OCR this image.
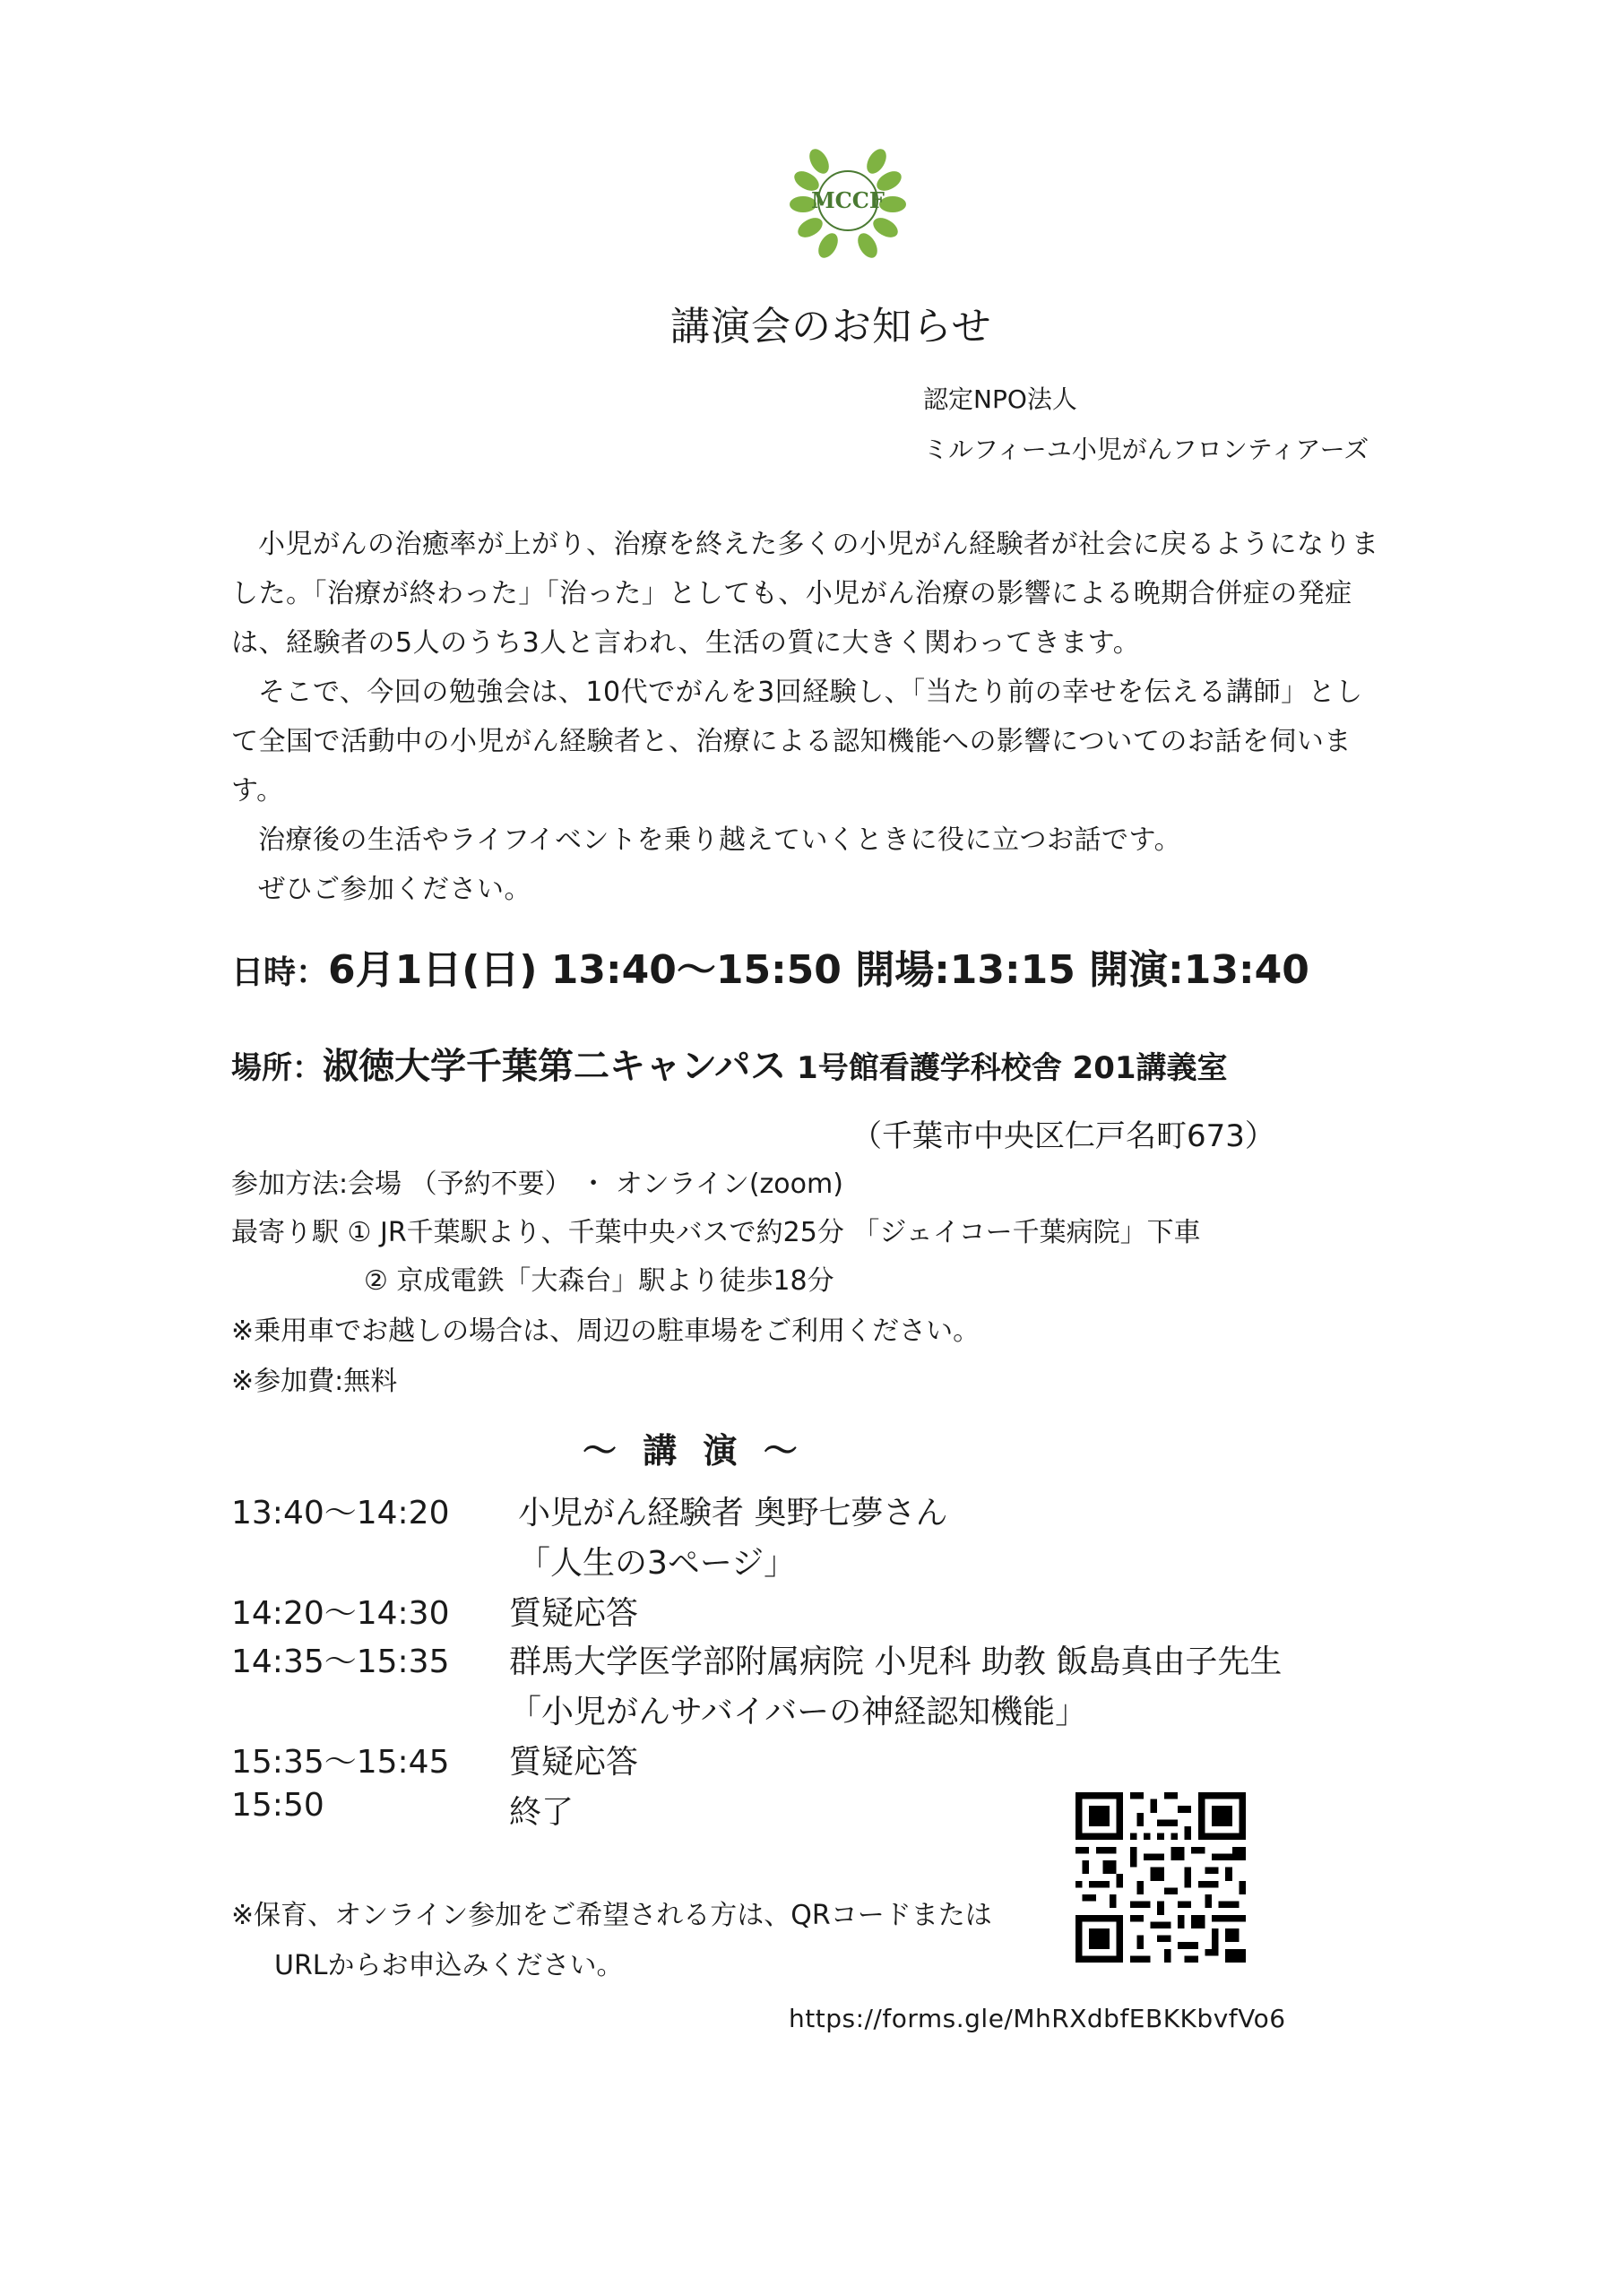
MCCF
講演会のお知らせ
認定NPO法人
ミルフィーユ小児がんフロンティアーズ

小児がんの治癒率が上がり、治療を終えた多くの小児がん経験者が社会に戻るようになりました。「治療が終わった」「治った」としても、小児がん治療の影響による晩期合併症の発症は、経験者の5人のうち3人と言われ、生活の質に大きく関わってきます。

そこで、今回の勉強会は、10代でがんを3回経験し、「当たり前の幸せを伝える講師」として全国で活動中の小児がん経験者と、治療による認知機能への影響についてのお話を伺います。

治療後の生活やライフイベントを乗り越えていくときに役に立つお話です。

ぜひご参加ください。

日時：6月1日(日) 13:40～15:50 開場:13:15 開演:13:40
場所：淑徳大学千葉第二キャンパス 1号館看護学科校舎 201講義室
（千葉市中央区仁戸名町673）
参加方法:会場 （予約不要） ・ オンライン(zoom)
最寄り駅 ① JR千葉駅より、千葉中央バスで約25分 「ジェイコー千葉病院」下車
② 京成電鉄「大森台」駅より徒歩18分
※乗用車でお越しの場合は、周辺の駐車場をご利用ください。
※参加費:無料
～ 講 演 ～
13:40～14:20 小児がん経験者 奥野七夢さん
「人生の3ページ」
14:20～14:30 質疑応答
14:35～15:35 群馬大学医学部附属病院 小児科 助教 飯島真由子先生
「小児がんサバイバーの神経認知機能」
15:35～15:45 質疑応答
15:50	終了
※保育、オンライン参加をご希望される方は、QRコードまたは
URLからお申込みください。
https://forms.gle/MhRXdbfEBKKbvfVo6
